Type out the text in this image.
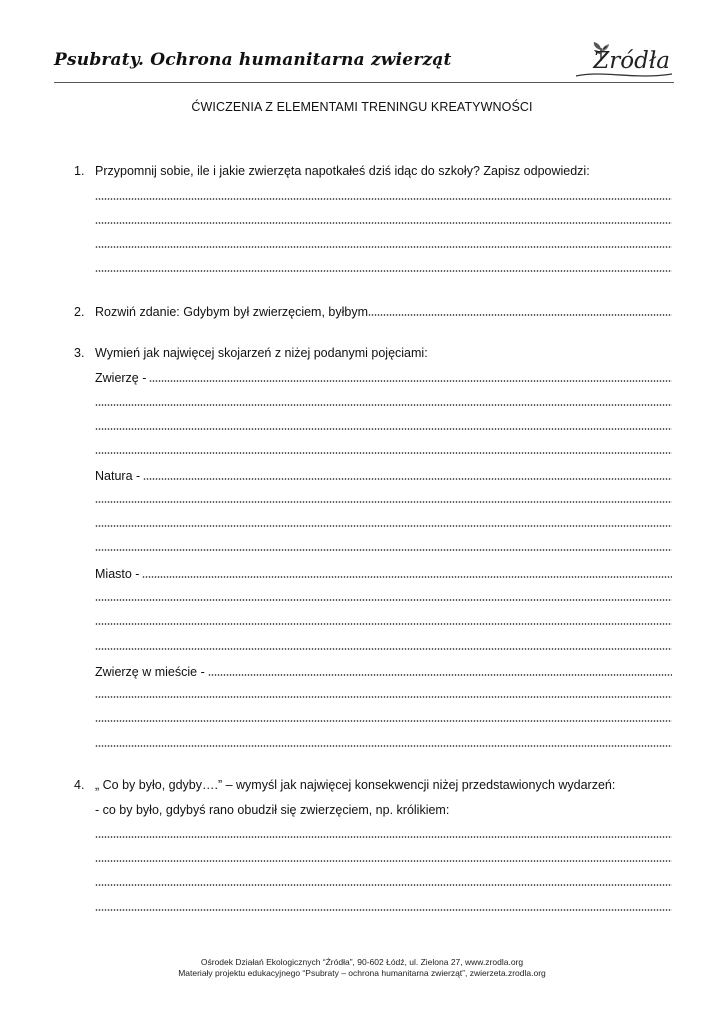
Psubraty. Ochrona humanitarna zwierząt	Źródła
ĆWICZENIA Z ELEMENTAMI TRENINGU KREATYWNOŚCI
1. Przypomnij sobie, ile i jakie zwierzęta napotkałeś dziś idąc do szkoły? Zapisz odpowiedzi:
2. Rozwiń zdanie: Gdybym był zwierzęciem, byłbym
3. Wymień jak najwięcej skojarzeń z niżej podanymi pojęciami:
Zwierzę -
Natura -
Miasto -
Zwierzę w mieście -
4. „ Co by było, gdyby….” – wymyśl jak najwięcej konsekwencji niżej przedstawionych wydarzeń:
- co by było, gdybyś rano obudził się zwierzęciem, np. królikiem:
Ośrodek Działań Ekologicznych “Źródła”, 90-602 Łódź, ul. Zielona 27, www.zrodla.org
Materiały projektu edukacyjnego “Psubraty – ochrona humanitarna zwierząt”, zwierzeta.zrodla.org
